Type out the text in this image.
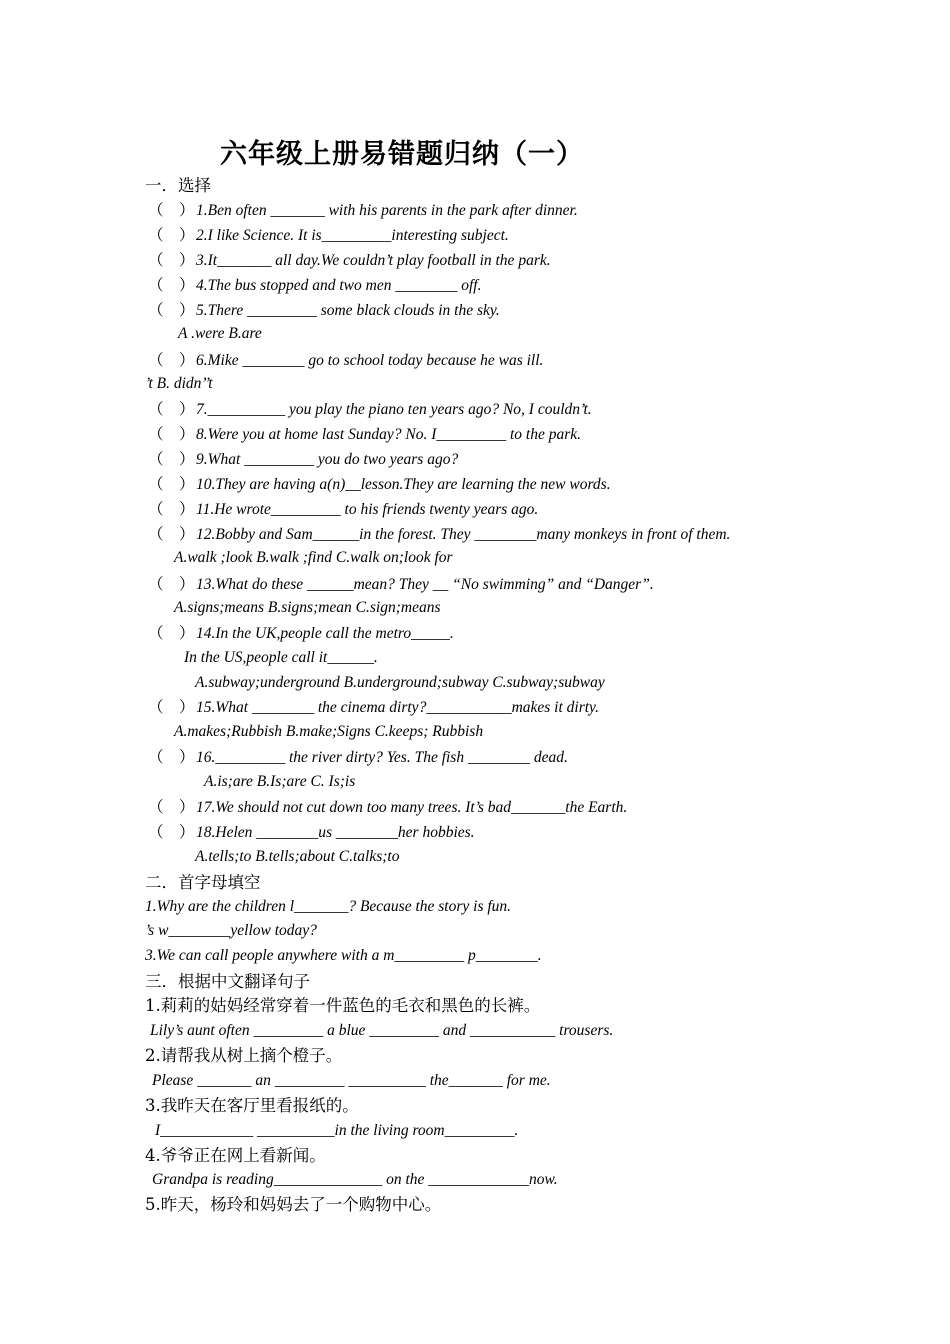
六年级上册易错题归纳（一）
一．选择
（　）1.Ben often _______ with his parents in the park after dinner.
（　）2.I like Science. It is_________interesting subject.
（　）3.It_______ all day.We couldn’t play football in the park.
（　）4.The bus stopped and two men ________ off.
（　）5.There _________ some black clouds in the sky.
A .were B.are
（　）6.Mike ________ go to school today because he was ill.
’t B. didn’’t
（　）7.__________ you play the piano ten years ago? No, I couldn’t.
（　）8.Were you at home last Sunday? No. I_________ to the park.
（　）9.What _________ you do two years ago?
（　）10.They are having a(n)__lesson.They are learning the new words.
（　）11.He wrote_________ to his friends twenty years ago.
（　）12.Bobby and Sam______in the forest. They ________many monkeys in front of them.
A.walk ;look B.walk ;find C.walk on;look for
（　）13.What do these ______mean? They __ “No swimming” and “Danger”.
A.signs;means B.signs;mean C.sign;means
（　）14.In the UK,people call the metro_____.
In the US,people call it______.
A.subway;underground B.underground;subway C.subway;subway
（　）15.What ________ the cinema dirty?___________makes it dirty.
A.makes;Rubbish B.make;Signs C.keeps; Rubbish
（　）16._________ the river dirty? Yes. The fish ________ dead.
A.is;are B.Is;are C. Is;is
（　）17.We should not cut down too many trees. It’s bad_______the Earth.
（　）18.Helen ________us ________her hobbies.
A.tells;to B.tells;about C.talks;to
二．首字母填空
1.Why are the children l_______? Because the story is fun.
’s w________yellow today?
3.We can call people anywhere with a m_________ p________.
三．根据中文翻译句子
1.莉莉的姑妈经常穿着一件蓝色的毛衣和黑色的长裤。
Lily’s aunt often _________ a blue _________ and ___________ trousers.
2.请帮我从树上摘个橙子。
Please _______ an _________ __________ the_______ for me.
3.我昨天在客厅里看报纸的。
I____________ __________in the living room_________.
4.爷爷正在网上看新闻。
Grandpa is reading______________ on the _____________now.
5.昨天，杨玲和妈妈去了一个购物中心。
